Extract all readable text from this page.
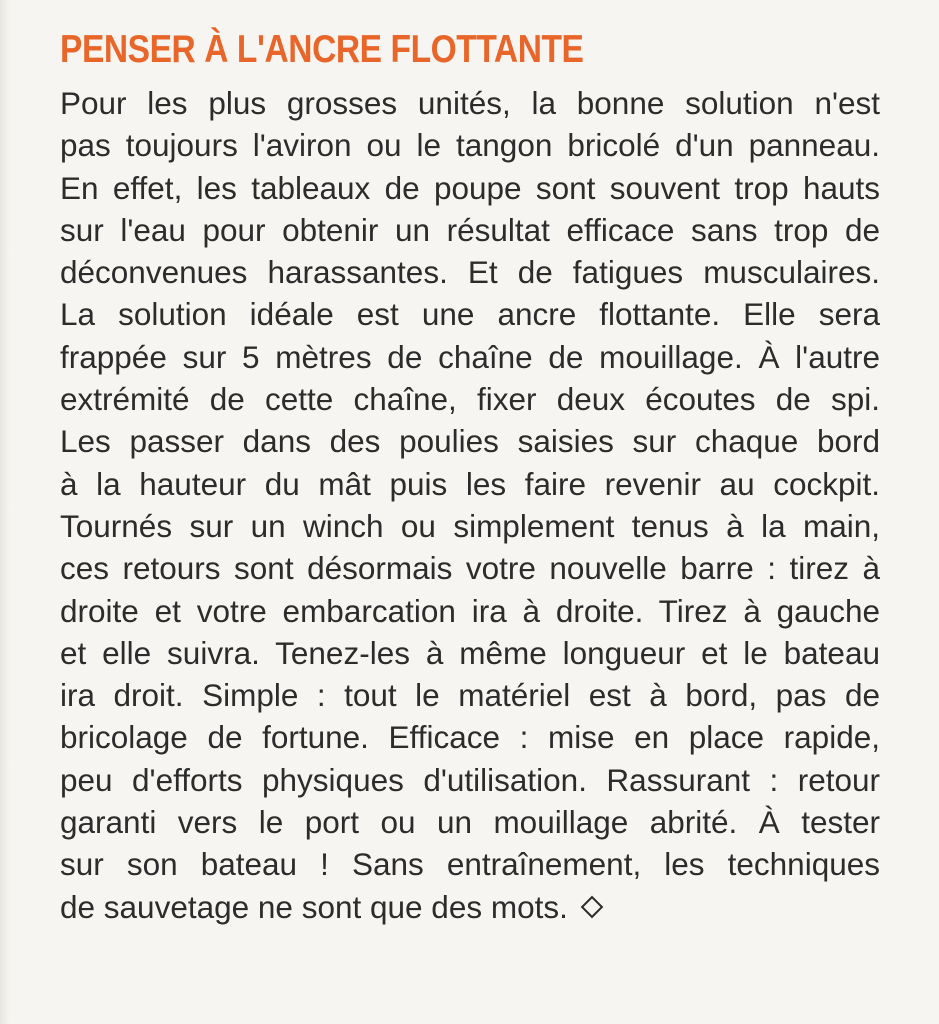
PENSER À L'ANCRE FLOTTANTE
Pour les plus grosses unités, la bonne solution n'est
pas toujours l'aviron ou le tangon bricolé d'un panneau.
En effet, les tableaux de poupe sont souvent trop hauts
sur l'eau pour obtenir un résultat efficace sans trop de
déconvenues harassantes. Et de fatigues musculaires.
La solution idéale est une ancre flottante. Elle sera
frappée sur 5 mètres de chaîne de mouillage. À l'autre
extrémité de cette chaîne, fixer deux écoutes de spi.
Les passer dans des poulies saisies sur chaque bord
à la hauteur du mât puis les faire revenir au cockpit.
Tournés sur un winch ou simplement tenus à la main,
ces retours sont désormais votre nouvelle barre : tirez à
droite et votre embarcation ira à droite. Tirez à gauche
et elle suivra. Tenez-les à même longueur et le bateau
ira droit. Simple : tout le matériel est à bord, pas de
bricolage de fortune. Efficace : mise en place rapide,
peu d'efforts physiques d'utilisation. Rassurant : retour
garanti vers le port ou un mouillage abrité. À tester
sur son bateau ! Sans entraînement, les techniques
de sauvetage ne sont que des mots.
